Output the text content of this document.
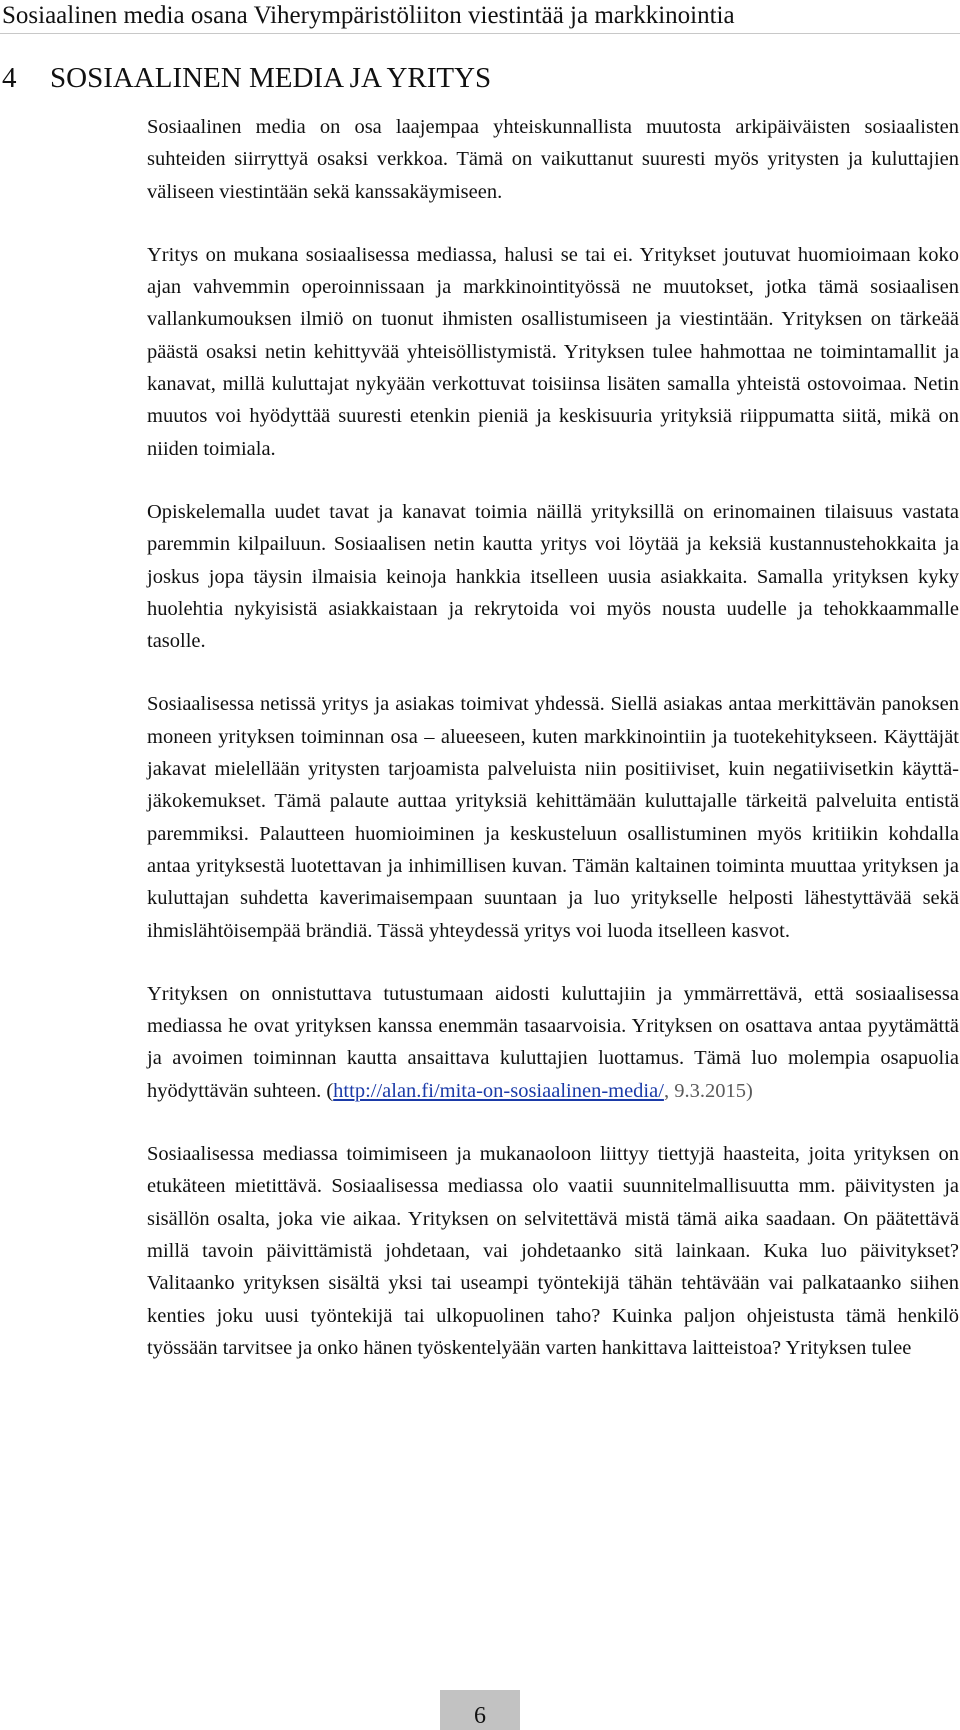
Sosiaalinen media osana Viherympäristöliiton viestintää ja markkinointia
4 SOSIAALINEN MEDIA JA YRITYS

Sosiaalinen media on osa laajempaa yhteiskunnallista muutosta arkipäiväisten sosiaalisten suhteiden siirryttyä osaksi verkkoa. Tämä on vaikuttanut suuresti myös yritysten ja kuluttajien väliseen viestintään sekä kanssakäymiseen.

Yritys on mukana sosiaalisessa mediassa, halusi se tai ei. Yritykset joutuvat huomioimaan koko ajan vahvemmin operoinnissaan ja markkinointityössä ne muutokset, jotka tämä sosiaalisen vallankumouksen ilmiö on tuonut ihmisten osallistumiseen ja viestintään. Yrityksen on tärkeää päästä osaksi netin kehittyvää yhteisöllistymistä. Yrityksen tulee hahmottaa ne toimintamallit ja kanavat, millä kuluttajat nykyään verkottuvat toisiinsa lisäten samalla yhteistä ostovoimaa. Netin muutos voi hyödyttää suuresti etenkin pieniä ja keskisuuria yrityksiä riippumatta siitä, mikä on niiden toimiala.

Opiskelemalla uudet tavat ja kanavat toimia näillä yrityksillä on erinomainen tilaisuus vastata paremmin kilpailuun. Sosiaalisen netin kautta yritys voi löytää ja keksiä kustannustehokkaita ja joskus jopa täysin ilmaisia keinoja hankkia itselleen uusia asiakkaita. Samalla yrityksen kyky huolehtia nykyisistä asiakkaistaan ja rekrytoida voi myös nousta uudelle ja tehokkaammalle tasolle.

Sosiaalisessa netissä yritys ja asiakas toimivat yhdessä. Siellä asiakas antaa merkittävän panoksen moneen yrityksen toiminnan osa – alueeseen, kuten markkinointiin ja tuotekehitykseen. Käyttäjät jakavat mielellään yritysten tarjoamista palveluista niin positiiviset, kuin negatiivisetkin käyttäjäkokemukset. Tämä palaute auttaa yrityksiä kehittämään kuluttajalle tärkeitä palveluita entistä paremmiksi. Palautteen huomioiminen ja keskusteluun osallistuminen myös kritiikin kohdalla antaa yrityksestä luotettavan ja inhimillisen kuvan. Tämän kaltainen toiminta muuttaa yrityksen ja kuluttajan suhdetta kaverimaisempaan suuntaan ja luo yritykselle helposti lähestyttävää sekä ihmislähtöisempää brändiä. Tässä yhteydessä yritys voi luoda itselleen kasvot.

Yrityksen on onnistuttava tutustumaan aidosti kuluttajiin ja ymmärrettävä, että sosiaalisessa mediassa he ovat yrityksen kanssa enemmän tasaarvoisia. Yrityksen on osattava antaa pyytämättä ja avoimen toiminnan kautta ansaittava kuluttajien luottamus. Tämä luo molempia osapuolia hyödyttävän suhteen. (http://alan.fi/mita-on-sosiaalinen-media/, 9.3.2015)

Sosiaalisessa mediassa toimimiseen ja mukanaoloon liittyy tiettyjä haasteita, joita yrityksen on etukäteen mietittävä. Sosiaalisessa mediassa olo vaatii suunnitelmallisuutta mm. päivitysten ja sisällön osalta, joka vie aikaa. Yrityksen on selvitettävä mistä tämä aika saadaan. On päätettävä millä tavoin päivittämistä johdetaan, vai johdetaanko sitä lainkaan. Kuka luo päivitykset? Valitaanko yrityksen sisältä yksi tai useampi työntekijä tähän tehtävään vai palkataanko siihen kenties joku uusi työntekijä tai ulkopuolinen taho? Kuinka paljon ohjeistusta tämä henkilö työssään tarvitsee ja onko hänen työskentelyään varten hankittava laitteistoa? Yrityksen tulee

6
